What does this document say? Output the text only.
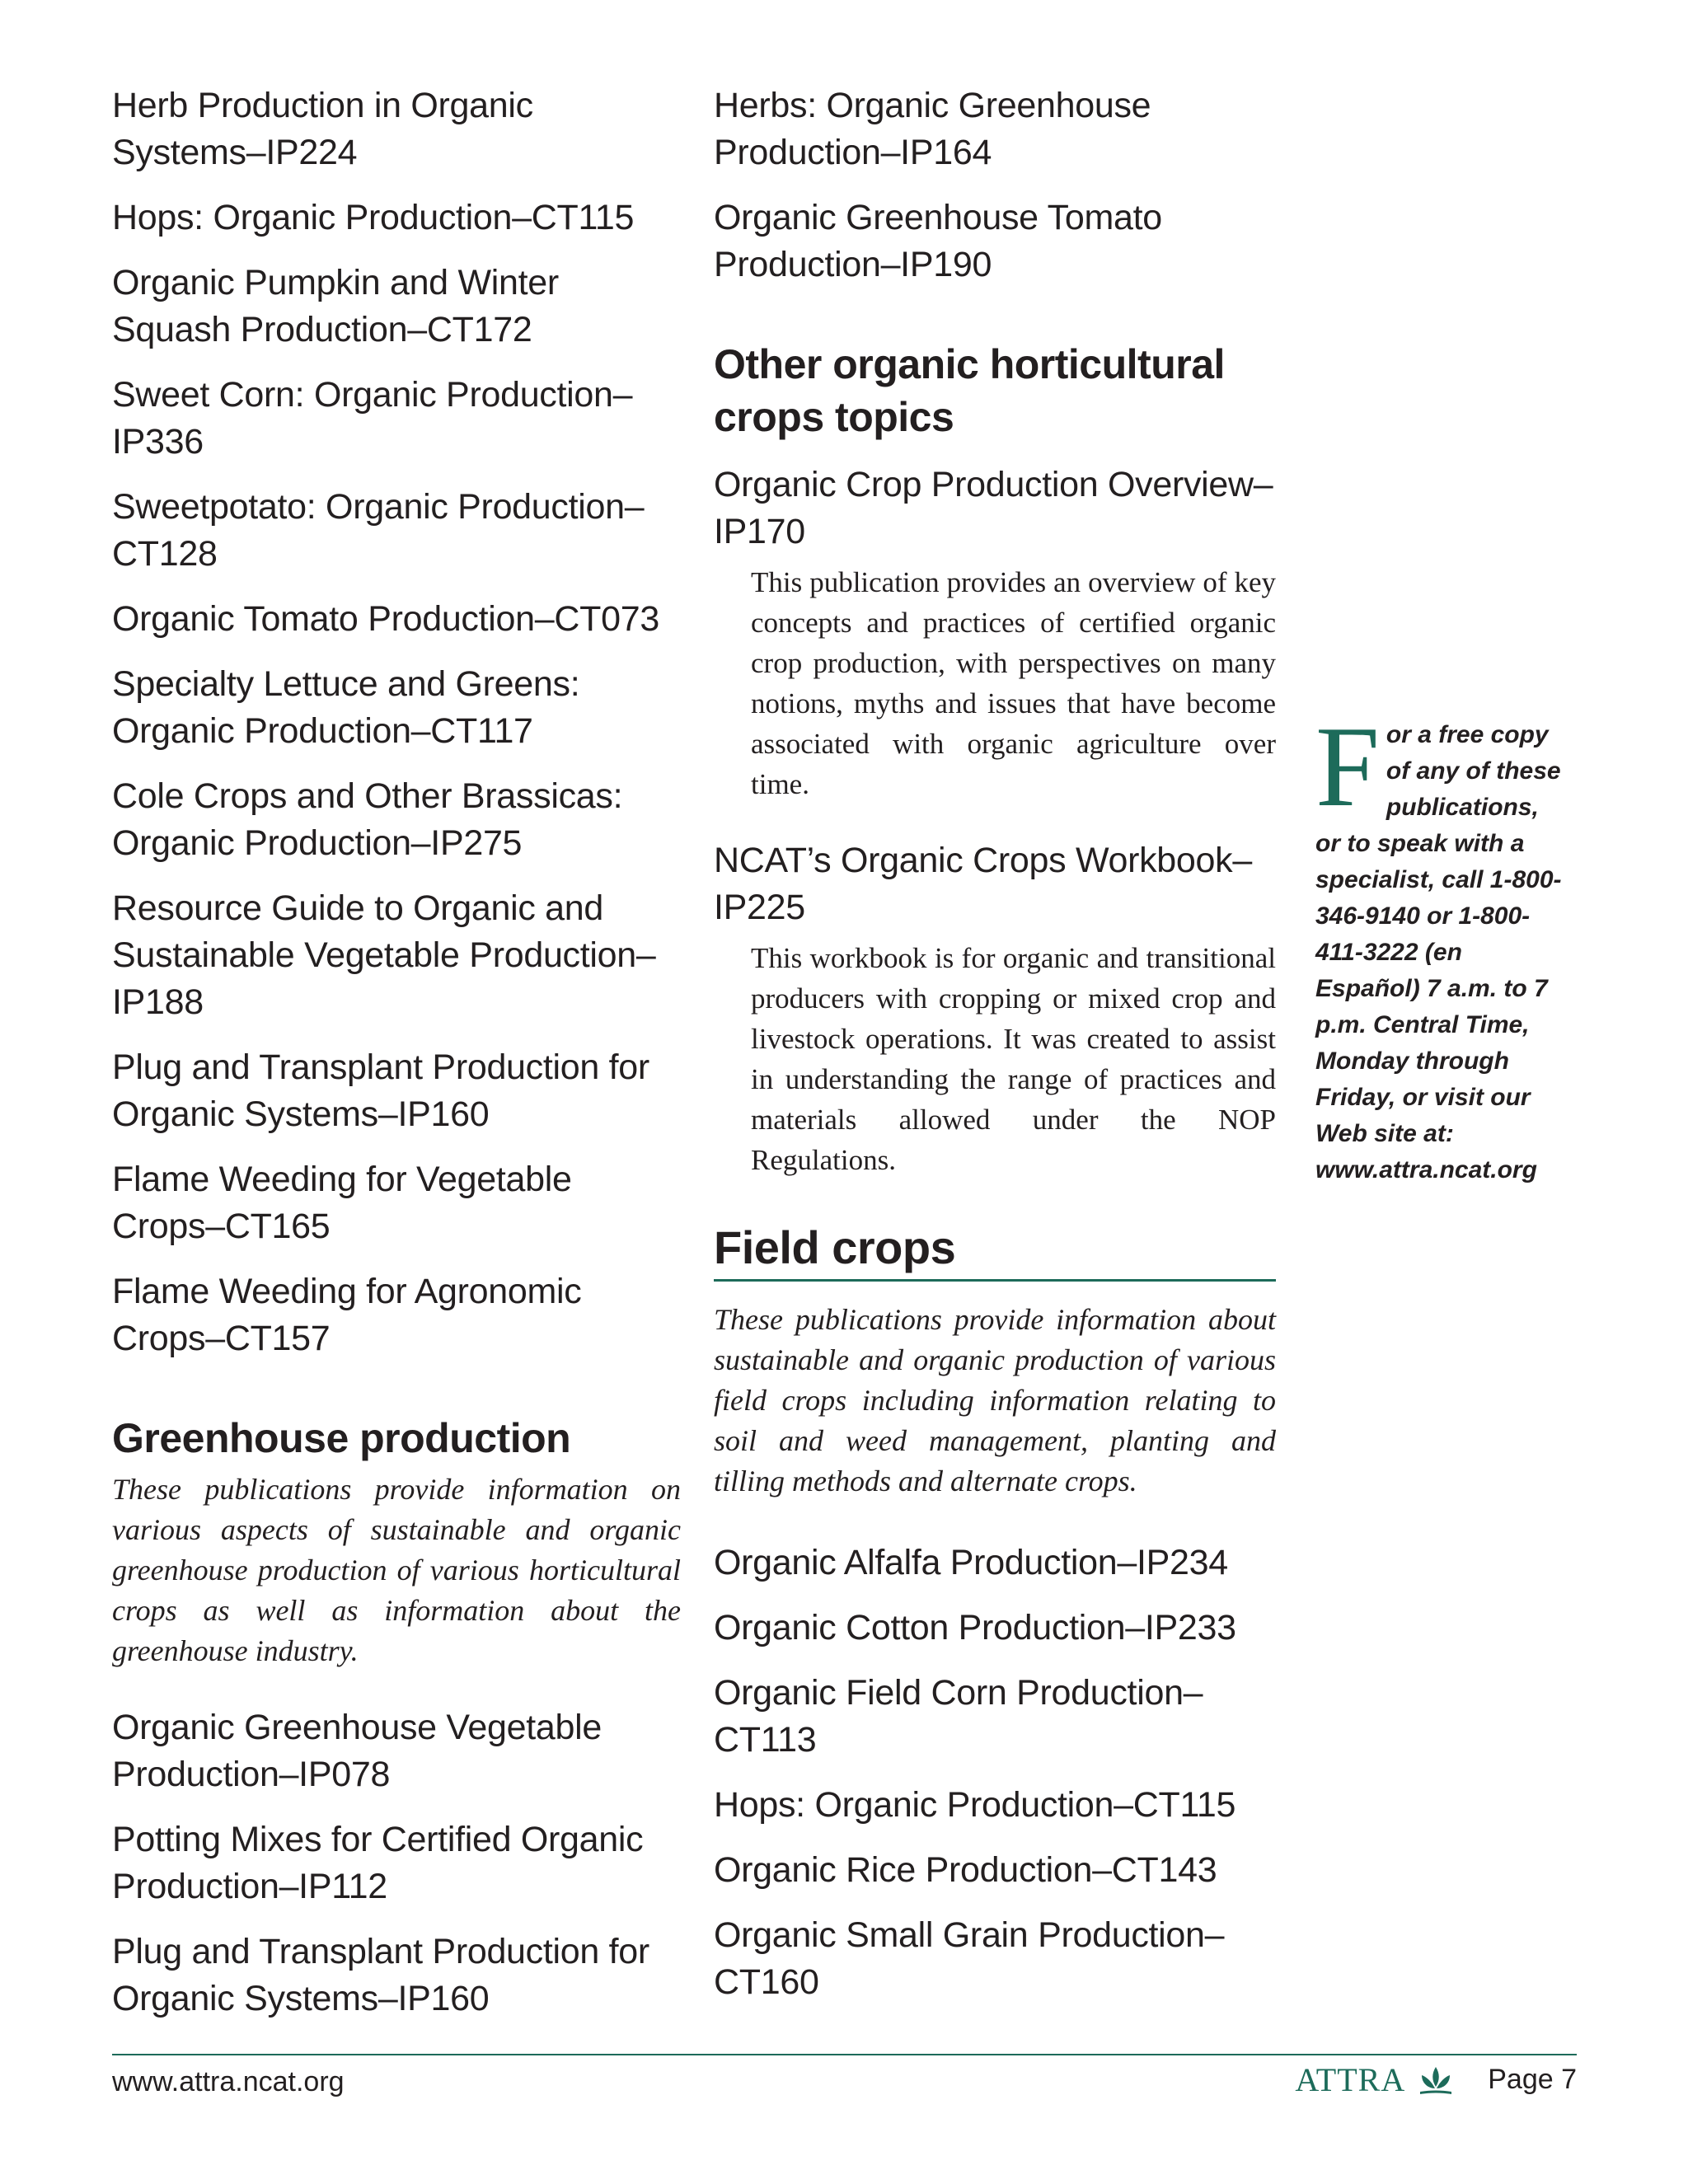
Herb Production in Organic Systems–IP224

Hops: Organic Production–CT115

Organic Pumpkin and Winter Squash Production–CT172

Sweet Corn: Organic Production–IP336

Sweetpotato: Organic Production–CT128

Organic Tomato Production–CT073

Specialty Lettuce and Greens: Organic Production–CT117

Cole Crops and Other Brassicas: Organic Production–IP275

Resource Guide to Organic and Sustainable Vegetable Production–IP188

Plug and Transplant Production for Organic Systems–IP160

Flame Weeding for Vegetable Crops–CT165

Flame Weeding for Agronomic Crops–CT157

Greenhouse production

These publications provide information on various aspects of sustainable and organic greenhouse production of various horticultural crops as well as information about the greenhouse industry.

Organic Greenhouse Vegetable Production–IP078

Potting Mixes for Certified Organic Production–IP112

Plug and Transplant Production for Organic Systems–IP160

Herbs: Organic Greenhouse Production–IP164

Organic Greenhouse Tomato Production–IP190

Other organic horticultural crops topics

Organic Crop Production Overview–IP170

This publication provides an overview of key concepts and practices of certified organic crop production, with perspectives on many notions, myths and issues that have become associated with organic agriculture over time.

NCAT’s Organic Crops Workbook–IP225

This workbook is for organic and transitional producers with cropping or mixed crop and livestock operations. It was created to assist in understanding the range of practices and materials allowed under the NOP Regulations.

Field crops

These publications provide information about sustainable and organic production of various field crops including information relating to soil and weed management, planting and tilling methods and alternate crops.

Organic Alfalfa Production–IP234

Organic Cotton Production–IP233

Organic Field Corn Production–CT113

Hops: Organic Production–CT115

Organic Rice Production–CT143

Organic Small Grain Production–CT160

F or a free copy of any of these publications, or to speak with a specialist, call 1-800-346-9140 or 1-800-411-3222 (en Español) 7 a.m. to 7 p.m. Central Time, Monday through Friday, or visit our Web site at: www.attra.ncat.org

www.attra.ncat.org	ATTRA	Page 7
